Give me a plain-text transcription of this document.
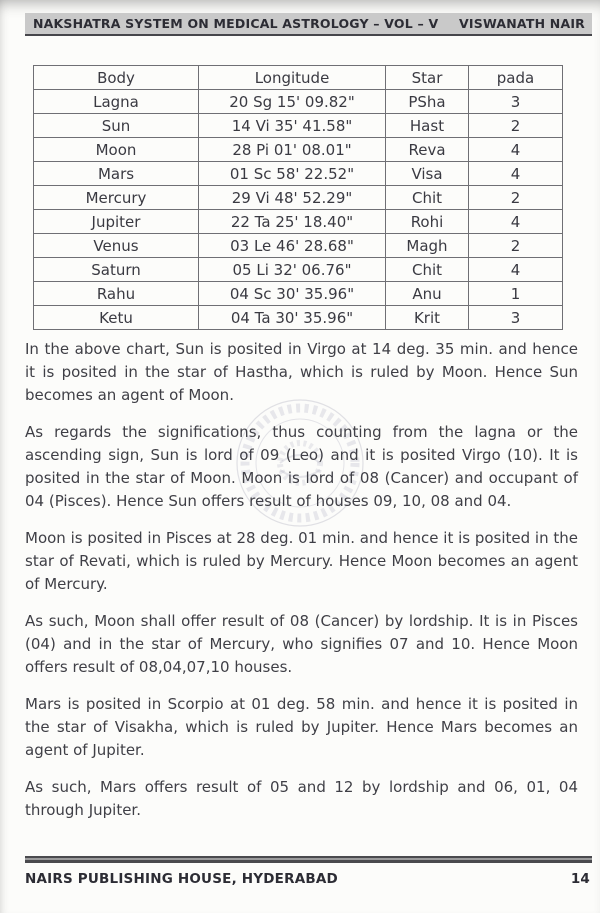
NAKSHATRA SYSTEM ON MEDICAL ASTROLOGY – VOL – V VISWANATH NAIR
Body	Longitude	Star	pada
Lagna	20 Sg 15' 09.82"	PSha	3
Sun	14 Vi 35' 41.58"	Hast	2
Moon	28 Pi 01' 08.01"	Reva	4
Mars	01 Sc 58' 22.52"	Visa	4
Mercury	29 Vi 48' 52.29"	Chit	2
Jupiter	22 Ta 25' 18.40"	Rohi	4
Venus	03 Le 46' 28.68"	Magh	2
Saturn	05 Li 32' 06.76"	Chit	4
Rahu	04 Sc 30' 35.96"	Anu	1
Ketu	04 Ta 30' 35.96"	Krit	3

In the above chart, Sun is posited in Virgo at 14 deg. 35 min. and hence it is posited in the star of Hastha, which is ruled by Moon. Hence Sun becomes an agent of Moon.

As regards the significations, thus counting from the lagna or the ascending sign, Sun is lord of 09 (Leo) and it is posited Virgo (10). It is posited in the star of Moon. Moon is lord of 08 (Cancer) and occupant of 04 (Pisces). Hence Sun offers result of houses 09, 10, 08 and 04.

Moon is posited in Pisces at 28 deg. 01 min. and hence it is posited in the star of Revati, which is ruled by Mercury. Hence Moon becomes an agent of Mercury.

As such, Moon shall offer result of 08 (Cancer) by lordship. It is in Pisces (04) and in the star of Mercury, who signifies 07 and 10. Hence Moon offers result of 08,04,07,10 houses.

Mars is posited in Scorpio at 01 deg. 58 min. and hence it is posited in the star of Visakha, which is ruled by Jupiter. Hence Mars becomes an agent of Jupiter.

As such, Mars offers result of 05 and 12 by lordship and 06, 01, 04 through Jupiter.

NAIRS PUBLISHING HOUSE, HYDERABAD	14
